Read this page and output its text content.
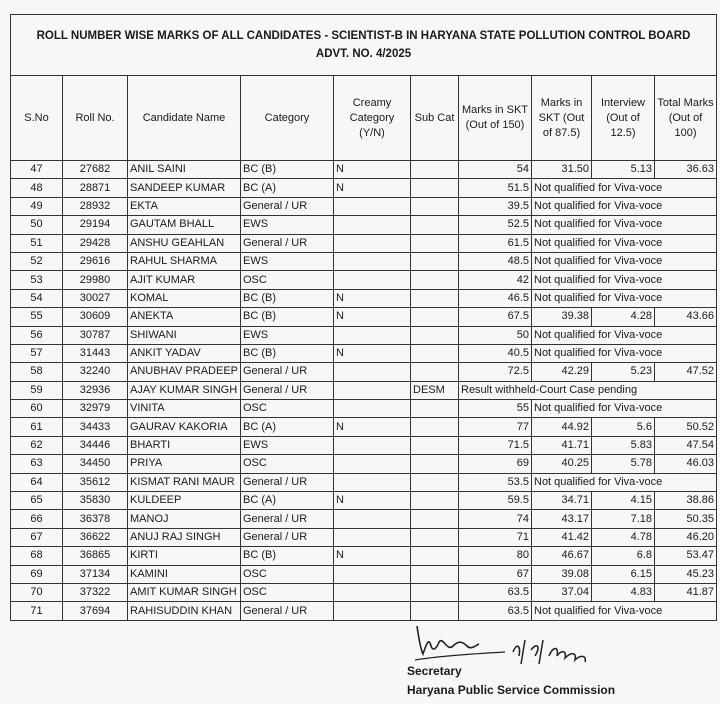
ROLL NUMBER WISE MARKS OF ALL CANDIDATES - SCIENTIST-B IN HARYANA STATE POLLUTION CONTROL BOARD
ADVT. NO. 4/2025									

S.No	Roll No.	Candidate Name	Category	Creamy Category (Y/N)	Sub Cat	Marks in SKT (Out of 150)	Marks in SKT (Out of 87.5)	Interview (Out of 12.5)	Total Marks (Out of 100)
47	27682	ANIL SAINI	BC (B)	N		54	31.50	5.13	36.63
48	28871	SANDEEP KUMAR	BC (A)	N		51.5	Not qualified for Viva-voce		
49	28932	EKTA	General / UR			39.5	Not qualified for Viva-voce		
50	29194	GAUTAM BHALL	EWS			52.5	Not qualified for Viva-voce		
51	29428	ANSHU GEAHLAN	General / UR			61.5	Not qualified for Viva-voce		
52	29616	RAHUL SHARMA	EWS			48.5	Not qualified for Viva-voce		
53	29980	AJIT KUMAR	OSC			42	Not qualified for Viva-voce		
54	30027	KOMAL	BC (B)	N		46.5	Not qualified for Viva-voce		
55	30609	ANEKTA	BC (B)	N		67.5	39.38	4.28	43.66
56	30787	SHIWANI	EWS			50	Not qualified for Viva-voce		
57	31443	ANKIT YADAV	BC (B)	N		40.5	Not qualified for Viva-voce		
58	32240	ANUBHAV PRADEEP	General / UR			72.5	42.29	5.23	47.52
59	32936	AJAY KUMAR SINGH	General / UR		DESM	Result withheld-Court Case pending			
60	32979	VINITA	OSC			55	Not qualified for Viva-voce		
61	34433	GAURAV KAKORIA	BC (A)	N		77	44.92	5.6	50.52
62	34446	BHARTI	EWS			71.5	41.71	5.83	47.54
63	34450	PRIYA	OSC			69	40.25	5.78	46.03
64	35612	KISMAT RANI MAUR	General / UR			53.5	Not qualified for Viva-voce		
65	35830	KULDEEP	BC (A)	N		59.5	34.71	4.15	38.86
66	36378	MANOJ	General / UR			74	43.17	7.18	50.35
67	36622	ANUJ RAJ SINGH	General / UR			71	41.42	4.78	46.20
68	36865	KIRTI	BC (B)	N		80	46.67	6.8	53.47
69	37134	KAMINI	OSC			67	39.08	6.15	45.23
70	37322	AMIT KUMAR SINGH	OSC			63.5	37.04	4.83	41.87
71	37694	RAHISUDDIN KHAN	General / UR			63.5	Not qualified for Viva-voce		
Secretary
Haryana Public Service Commission
